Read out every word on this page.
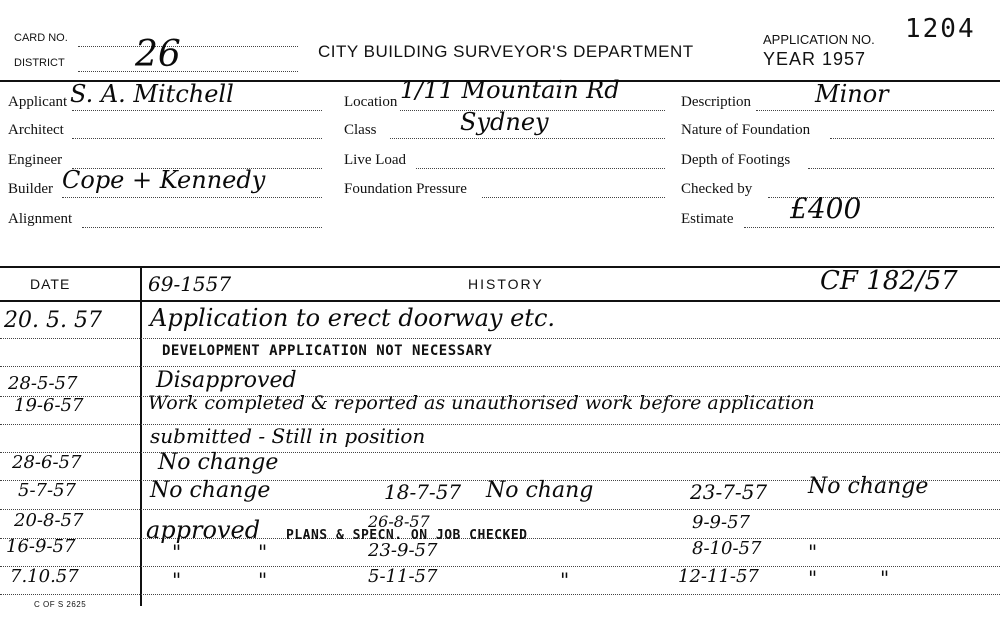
CARD NO.
DISTRICT 26	CITY BUILDING SURVEYOR'S DEPARTMENT
APPLICATION NO. 1204
YEAR 1957
Applicant S. A. Mitchell
Architect
Engineer
Builder Cope + Kennedy
Alignment
Location 1/11 Mountain Rd
Class	Sydney
Live Load
Foundation Pressure
Description	Minor
Nature of Foundation
Depth of Footings
Checked by
Estimate £400
DATE	HISTORY
69-1557	CF 182/57
20. 5. 57 Application to erect doorway etc.
DEVELOPMENT APPLICATION NOT NECESSARY
28-5-57	Disapproved
19-6-57	Work completed & reported as unauthorised work before application
submitted - Still in position
28-6-57	No change
5-7-57	No change	18-7-57 No chang	23-7-57 No change
20-8-57	approved PLANS & SPECN. ON JOB CHECKED
26-8-57	9-9-57
16-9-57	"	"	23-9-57	8-10-57 "
7.10.57	"	"	5-11-57	"	12-11-57 "	"
C OF S 2625
